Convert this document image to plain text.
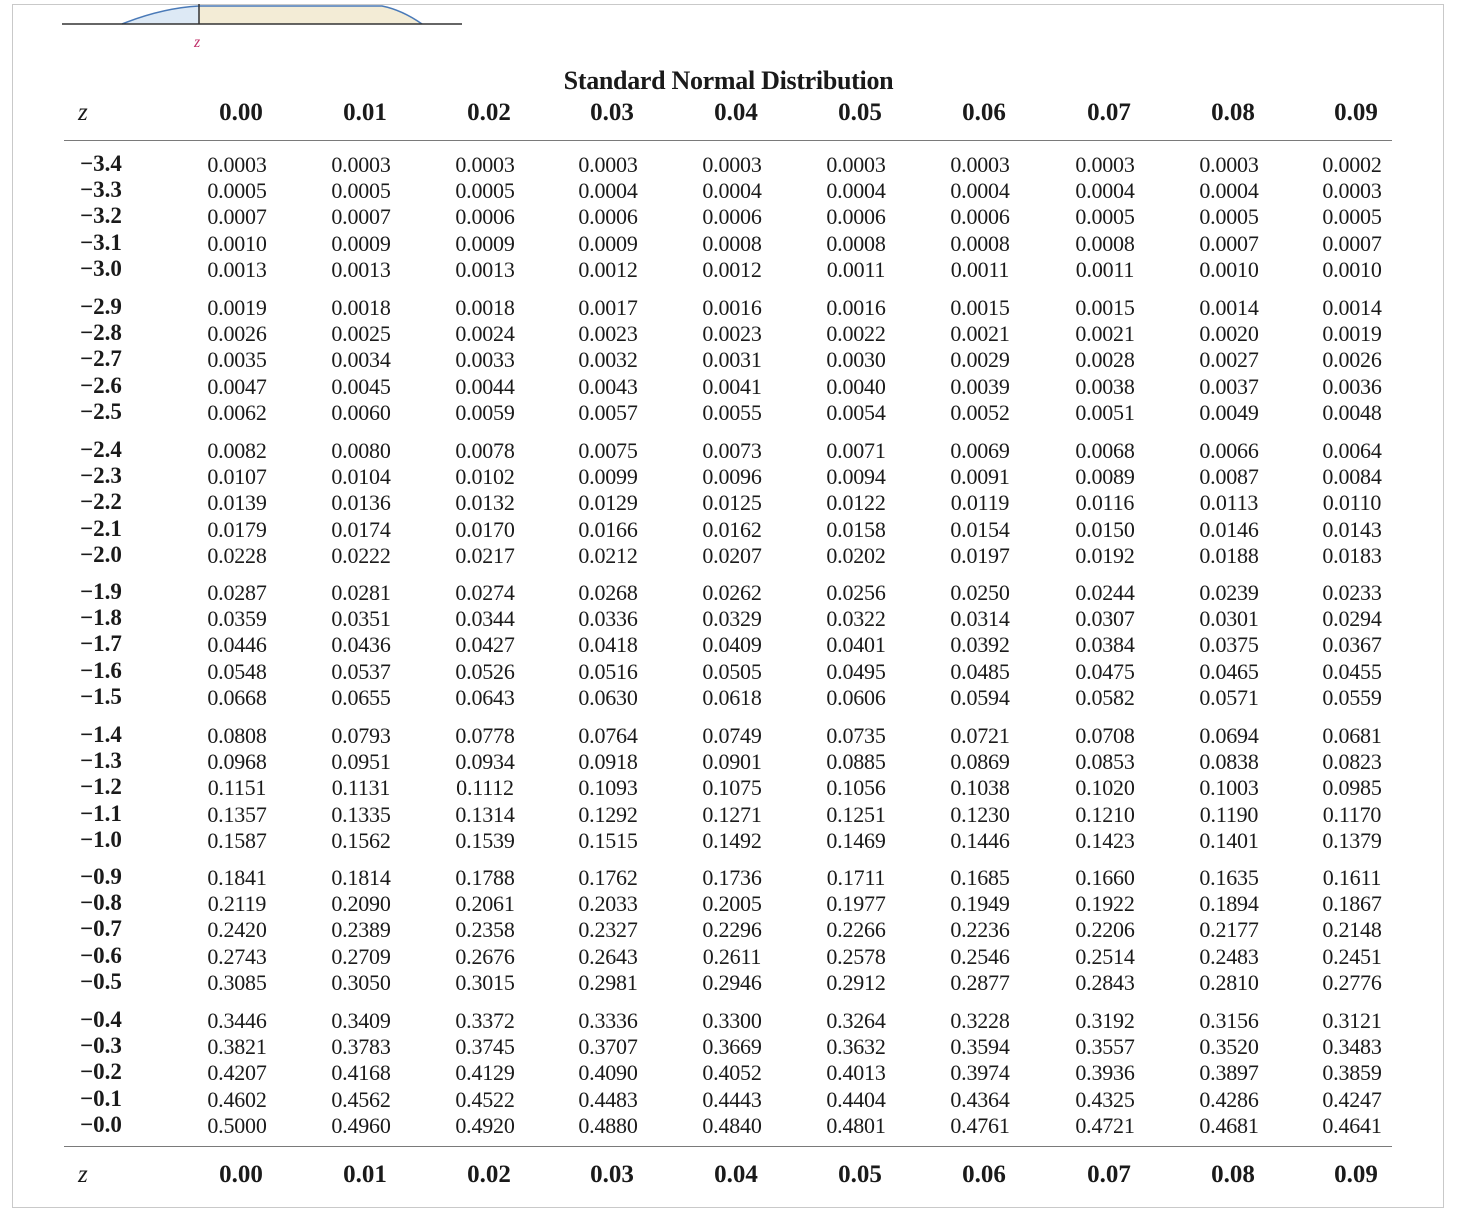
z
Standard Normal Distribution
z	0.00	0.01	0.02	0.03	0.04	0.05	0.06	0.07	0.08	0.09
z	0.00	0.01	0.02	0.03	0.04	0.05	0.06	0.07	0.08	0.09
−3.4	0.0003	0.0003	0.0003	0.0003	0.0003	0.0003	0.0003	0.0003	0.0003	0.0002
−3.3	0.0005	0.0005	0.0005	0.0004	0.0004	0.0004	0.0004	0.0004	0.0004	0.0003
−3.2	0.0007	0.0007	0.0006	0.0006	0.0006	0.0006	0.0006	0.0005	0.0005	0.0005
−3.1	0.0010	0.0009	0.0009	0.0009	0.0008	0.0008	0.0008	0.0008	0.0007	0.0007
−3.0	0.0013	0.0013	0.0013	0.0012	0.0012	0.0011	0.0011	0.0011	0.0010	0.0010
−2.9	0.0019	0.0018	0.0018	0.0017	0.0016	0.0016	0.0015	0.0015	0.0014	0.0014
−2.8	0.0026	0.0025	0.0024	0.0023	0.0023	0.0022	0.0021	0.0021	0.0020	0.0019
−2.7	0.0035	0.0034	0.0033	0.0032	0.0031	0.0030	0.0029	0.0028	0.0027	0.0026
−2.6	0.0047	0.0045	0.0044	0.0043	0.0041	0.0040	0.0039	0.0038	0.0037	0.0036
−2.5	0.0062	0.0060	0.0059	0.0057	0.0055	0.0054	0.0052	0.0051	0.0049	0.0048
−2.4	0.0082	0.0080	0.0078	0.0075	0.0073	0.0071	0.0069	0.0068	0.0066	0.0064
−2.3	0.0107	0.0104	0.0102	0.0099	0.0096	0.0094	0.0091	0.0089	0.0087	0.0084
−2.2	0.0139	0.0136	0.0132	0.0129	0.0125	0.0122	0.0119	0.0116	0.0113	0.0110
−2.1	0.0179	0.0174	0.0170	0.0166	0.0162	0.0158	0.0154	0.0150	0.0146	0.0143
−2.0	0.0228	0.0222	0.0217	0.0212	0.0207	0.0202	0.0197	0.0192	0.0188	0.0183
−1.9	0.0287	0.0281	0.0274	0.0268	0.0262	0.0256	0.0250	0.0244	0.0239	0.0233
−1.8	0.0359	0.0351	0.0344	0.0336	0.0329	0.0322	0.0314	0.0307	0.0301	0.0294
−1.7	0.0446	0.0436	0.0427	0.0418	0.0409	0.0401	0.0392	0.0384	0.0375	0.0367
−1.6	0.0548	0.0537	0.0526	0.0516	0.0505	0.0495	0.0485	0.0475	0.0465	0.0455
−1.5	0.0668	0.0655	0.0643	0.0630	0.0618	0.0606	0.0594	0.0582	0.0571	0.0559
−1.4	0.0808	0.0793	0.0778	0.0764	0.0749	0.0735	0.0721	0.0708	0.0694	0.0681
−1.3	0.0968	0.0951	0.0934	0.0918	0.0901	0.0885	0.0869	0.0853	0.0838	0.0823
−1.2	0.1151	0.1131	0.1112	0.1093	0.1075	0.1056	0.1038	0.1020	0.1003	0.0985
−1.1	0.1357	0.1335	0.1314	0.1292	0.1271	0.1251	0.1230	0.1210	0.1190	0.1170
−1.0	0.1587	0.1562	0.1539	0.1515	0.1492	0.1469	0.1446	0.1423	0.1401	0.1379
−0.9	0.1841	0.1814	0.1788	0.1762	0.1736	0.1711	0.1685	0.1660	0.1635	0.1611
−0.8	0.2119	0.2090	0.2061	0.2033	0.2005	0.1977	0.1949	0.1922	0.1894	0.1867
−0.7	0.2420	0.2389	0.2358	0.2327	0.2296	0.2266	0.2236	0.2206	0.2177	0.2148
−0.6	0.2743	0.2709	0.2676	0.2643	0.2611	0.2578	0.2546	0.2514	0.2483	0.2451
−0.5	0.3085	0.3050	0.3015	0.2981	0.2946	0.2912	0.2877	0.2843	0.2810	0.2776
−0.4	0.3446	0.3409	0.3372	0.3336	0.3300	0.3264	0.3228	0.3192	0.3156	0.3121
−0.3	0.3821	0.3783	0.3745	0.3707	0.3669	0.3632	0.3594	0.3557	0.3520	0.3483
−0.2	0.4207	0.4168	0.4129	0.4090	0.4052	0.4013	0.3974	0.3936	0.3897	0.3859
−0.1	0.4602	0.4562	0.4522	0.4483	0.4443	0.4404	0.4364	0.4325	0.4286	0.4247
−0.0	0.5000	0.4960	0.4920	0.4880	0.4840	0.4801	0.4761	0.4721	0.4681	0.4641
